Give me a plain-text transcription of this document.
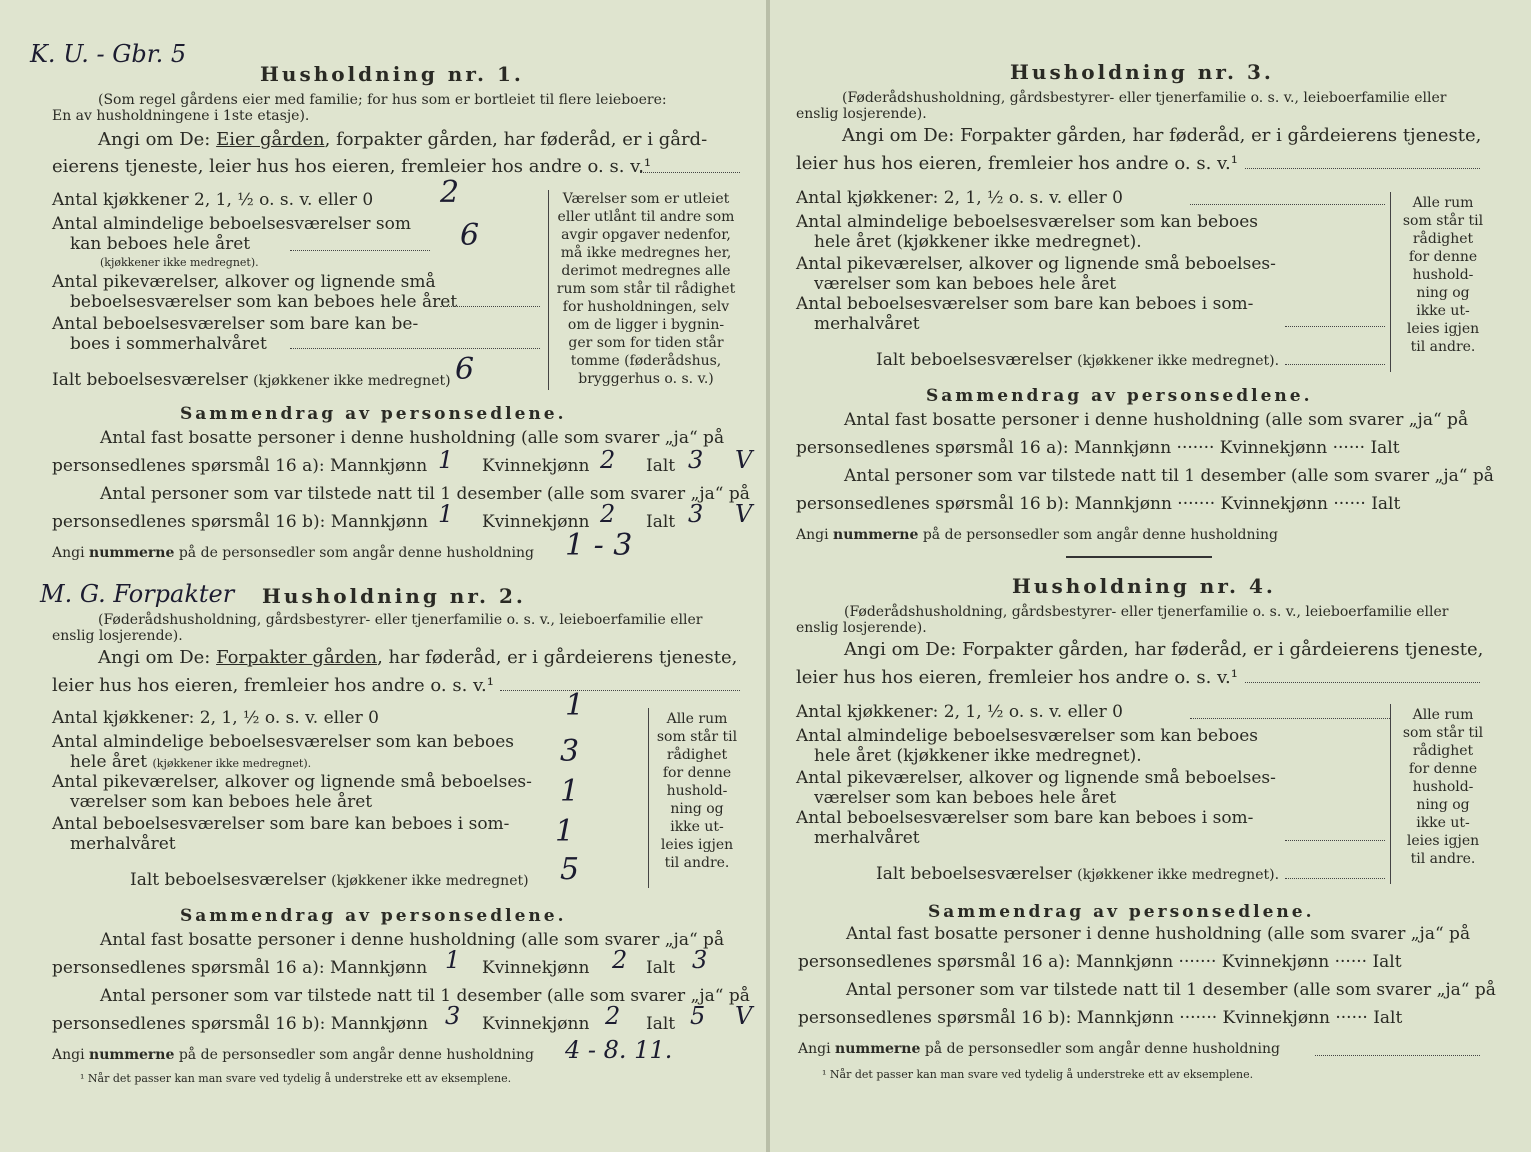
K. U. - Gbr. 5
Husholdning nr. 1.
(Som regel gårdens eier med familie; for hus som er bortleiet til flere leieboere:
En av husholdningene i 1ste etasje).
Angi om De: Eier gården, forpakter gården, har føderåd, er i gård-
eierens tjeneste, leier hus hos eieren, fremleier hos andre o. s. v.¹
Antal kjøkkener 2, 1, ½ o. s. v. eller 0 2
Antal almindelige beboelsesværelser som
kan beboes hele året	6
(kjøkkener ikke medregnet).
Antal pikeværelser, alkover og lignende små
beboelsesværelser som kan beboes hele året
Antal beboelsesværelser som bare kan be-
boes i sommerhalvåret
Ialt beboelsesværelser (kjøkkener ikke medregnet) 6
Værelser som er utleiet
eller utlånt til andre som
avgir opgaver nedenfor,
må ikke medregnes her,
derimot medregnes alle
rum som står til rådighet
for husholdningen, selv
om de ligger i bygnin-
ger som for tiden står
tomme (føderådshus,
bryggerhus o. s. v.)
Sammendrag av personsedlene.
Antal fast bosatte personer i denne husholdning (alle som svarer „ja“ på
personsedlenes spørsmål 16 a): Mannkjønn 1 Kvinnekjønn 2 Ialt 3 V
Antal personer som var tilstede natt til 1 desember (alle som svarer „ja“ på
personsedlenes spørsmål 16 b): Mannkjønn 1 Kvinnekjønn 2 Ialt 3 V
Angi nummerne på de personsedler som angår denne husholdning 1 - 3
M. G. Forpakter Husholdning nr. 2.
(Føderådshusholdning, gårdsbestyrer- eller tjenerfamilie o. s. v., leieboerfamilie eller
enslig losjerende).
Angi om De: Forpakter gården, har føderåd, er i gårdeierens tjeneste,
leier hus hos eieren, fremleier hos andre o. s. v.¹
Antal kjøkkener: 2, 1, ½ o. s. v. eller 0	1
Antal almindelige beboelsesværelser som kan beboes
hele året (kjøkkener ikke medregnet).	3
Antal pikeværelser, alkover og lignende små beboelses-
værelser som kan beboes hele året	1
Antal beboelsesværelser som bare kan beboes i som-
merhalvåret	1
Ialt beboelsesværelser (kjøkkener ikke medregnet) 5
Alle rum
som står til
rådighet
for denne
hushold-
ning og
ikke ut-
leies igjen
til andre.
Sammendrag av personsedlene.
Antal fast bosatte personer i denne husholdning (alle som svarer „ja“ på
personsedlenes spørsmål 16 a): Mannkjønn 1 Kvinnekjønn 2 Ialt 3
Antal personer som var tilstede natt til 1 desember (alle som svarer „ja“ på
personsedlenes spørsmål 16 b): Mannkjønn 3 Kvinnekjønn 2 Ialt 5 V
Angi nummerne på de personsedler som angår denne husholdning 4 - 8. 11.
¹ Når det passer kan man svare ved tydelig å understreke ett av eksemplene.
Husholdning nr. 3.
(Føderådshusholdning, gårdsbestyrer- eller tjenerfamilie o. s. v., leieboerfamilie eller
enslig losjerende).
Angi om De: Forpakter gården, har føderåd, er i gårdeierens tjeneste,
leier hus hos eieren, fremleier hos andre o. s. v.¹
Antal kjøkkener: 2, 1, ½ o. s. v. eller 0
Antal almindelige beboelsesværelser som kan beboes
hele året (kjøkkener ikke medregnet).
Antal pikeværelser, alkover og lignende små beboelses-
værelser som kan beboes hele året
Antal beboelsesværelser som bare kan beboes i som-
merhalvåret
Ialt beboelsesværelser (kjøkkener ikke medregnet).
Alle rum
som står til
rådighet
for denne
hushold-
ning og
ikke ut-
leies igjen
til andre.
Sammendrag av personsedlene.
Antal fast bosatte personer i denne husholdning (alle som svarer „ja“ på
personsedlenes spørsmål 16 a): Mannkjønn ······· Kvinnekjønn ······ Ialt
Antal personer som var tilstede natt til 1 desember (alle som svarer „ja“ på
personsedlenes spørsmål 16 b): Mannkjønn ······· Kvinnekjønn ······ Ialt
Angi nummerne på de personsedler som angår denne husholdning
Husholdning nr. 4.
(Føderådshusholdning, gårdsbestyrer- eller tjenerfamilie o. s. v., leieboerfamilie eller
enslig losjerende).
Angi om De: Forpakter gården, har føderåd, er i gårdeierens tjeneste,
leier hus hos eieren, fremleier hos andre o. s. v.¹
Antal kjøkkener: 2, 1, ½ o. s. v. eller 0
Antal almindelige beboelsesværelser som kan beboes
hele året (kjøkkener ikke medregnet).
Antal pikeværelser, alkover og lignende små beboelses-
værelser som kan beboes hele året
Antal beboelsesværelser som bare kan beboes i som-
merhalvåret
Ialt beboelsesværelser (kjøkkener ikke medregnet).
Alle rum
som står til
rådighet
for denne
hushold-
ning og
ikke ut-
leies igjen
til andre.
Sammendrag av personsedlene.
Antal fast bosatte personer i denne husholdning (alle som svarer „ja“ på
personsedlenes spørsmål 16 a): Mannkjønn ······· Kvinnekjønn ······ Ialt
Antal personer som var tilstede natt til 1 desember (alle som svarer „ja“ på
personsedlenes spørsmål 16 b): Mannkjønn ······· Kvinnekjønn ······ Ialt
Angi nummerne på de personsedler som angår denne husholdning
¹ Når det passer kan man svare ved tydelig å understreke ett av eksemplene.
